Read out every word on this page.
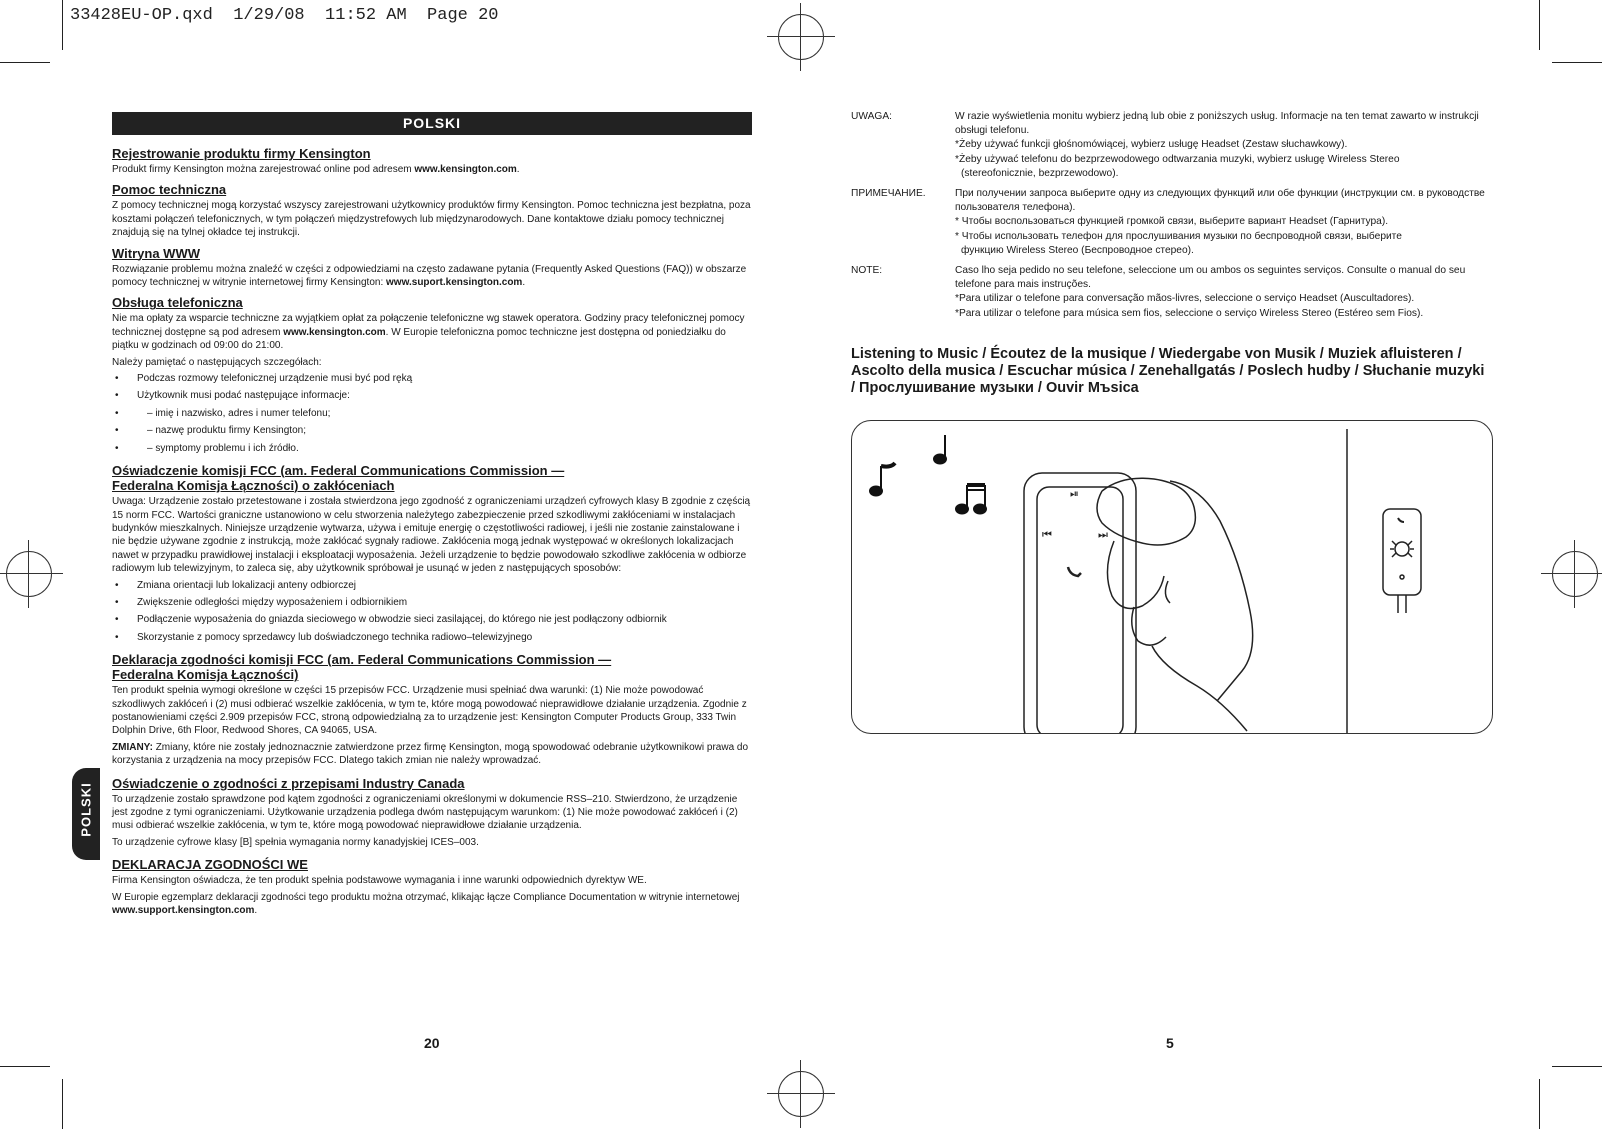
33428EU-OP.qxd  1/29/08  11:52 AM  Page 20
POLSKI
Rejestrowanie produktu firmy Kensington
Produkt firmy Kensington można zarejestrować online pod adresem www.kensington.com.
Pomoc techniczna
Z pomocy technicznej mogą korzystać wszyscy zarejestrowani użytkownicy produktów firmy Kensington. Pomoc techniczna jest bezpłatna, poza kosztami połączeń telefonicznych, w tym połączeń międzystrefowych lub międzynarodowych. Dane kontaktowe działu pomocy technicznej znajdują się na tylnej okładce tej instrukcji.
Witryna WWW
Rozwiązanie problemu można znaleźć w części z odpowiedziami na często zadawane pytania (Frequently Asked Questions (FAQ)) w obszarze pomocy technicznej w witrynie internetowej firmy Kensington: www.suport.kensington.com.
Obsługa telefoniczna
Nie ma opłaty za wsparcie techniczne za wyjątkiem opłat za połączenie telefoniczne wg stawek operatora. Godziny pracy telefonicznej pomocy technicznej dostępne są pod adresem www.kensington.com. W Europie telefoniczna pomoc techniczne jest dostępna od poniedziałku do piątku w godzinach od 09:00 do 21:00.
Należy pamiętać o następujących szczegółach:
• Podczas rozmowy telefonicznej urządzenie musi być pod ręką
• Użytkownik musi podać następujące informacje:
• – imię i nazwisko, adres i numer telefonu;
• – nazwę produktu firmy Kensington;
• – symptomy problemu i ich źródło.
Oświadczenie komisji FCC (am. Federal Communications Commission —
Federalna Komisja Łączności) o zakłóceniach
Uwaga: Urządzenie zostało przetestowane i została stwierdzona jego zgodność z ograniczeniami urządzeń cyfrowych klasy B zgodnie z częścią 15 norm FCC. Wartości graniczne ustanowiono w celu stworzenia należytego zabezpieczenie przed szkodliwymi zakłóceniami w instalacjach budynków mieszkalnych. Niniejsze urządzenie wytwarza, używa i emituje energię o częstotliwości radiowej, i jeśli nie zostanie zainstalowane i nie będzie używane zgodnie z instrukcją, może zakłócać sygnały radiowe. Zakłócenia mogą jednak występować w określonych lokalizacjach nawet w przypadku prawidłowej instalacji i eksploatacji wyposażenia. Jeżeli urządzenie to będzie powodowało szkodliwe zakłócenia w odbiorze radiowym lub telewizyjnym, to zaleca się, aby użytkownik spróbował je usunąć w jeden z następujących sposobów:
• Zmiana orientacji lub lokalizacji anteny odbiorczej
• Zwiększenie odległości między wyposażeniem i odbiornikiem
• Podłączenie wyposażenia do gniazda sieciowego w obwodzie sieci zasilającej, do którego nie jest podłączony odbiornik
• Skorzystanie z pomocy sprzedawcy lub doświadczonego technika radiowo–telewizyjnego
Deklaracja zgodności komisji FCC (am. Federal Communications Commission —
Federalna Komisja Łączności)
Ten produkt spełnia wymogi określone w części 15 przepisów FCC. Urządzenie musi spełniać dwa warunki: (1) Nie może powodować szkodliwych zakłóceń i (2) musi odbierać wszelkie zakłócenia, w tym te, które mogą powodować nieprawidłowe działanie urządzenia. Zgodnie z postanowieniami części 2.909 przepisów FCC, stroną odpowiedzialną za to urządzenie jest: Kensington Computer Products Group, 333 Twin Dolphin Drive, 6th Floor, Redwood Shores, CA 94065, USA.
ZMIANY: Zmiany, które nie zostały jednoznacznie zatwierdzone przez firmę Kensington, mogą spowodować odebranie użytkownikowi prawa do korzystania z urządzenia na mocy przepisów FCC. Dlatego takich zmian nie należy wprowadzać.
Oświadczenie o zgodności z przepisami Industry Canada
To urządzenie zostało sprawdzone pod kątem zgodności z ograniczeniami określonymi w dokumencie RSS–210. Stwierdzono, że urządzenie jest zgodne z tymi ograniczeniami. Użytkowanie urządzenia podlega dwóm następującym warunkom: (1) Nie może powodować zakłóceń i (2) musi odbierać wszelkie zakłócenia, w tym te, które mogą powodować nieprawidłowe działanie urządzenia.
To urządzenie cyfrowe klasy [B] spełnia wymagania normy kanadyjskiej ICES–003.
DEKLARACJA ZGODNOŚCI WE
Firma Kensington oświadcza, że ten produkt spełnia podstawowe wymagania i inne warunki odpowiednich dyrektyw WE.
W Europie egzemplarz deklaracji zgodności tego produktu można otrzymać, klikając łącze Compliance Documentation w witrynie internetowej www.support.kensington.com.
POLSKI
20
UWAGA:	W razie wyświetlenia monitu wybierz jedną lub obie z poniższych usług. Informacje na ten temat zawarto w instrukcji obsługi telefonu.
*Żeby używać funkcji głośnomówiącej, wybierz usługę Headset (Zestaw słuchawkowy).
*Żeby używać telefonu do bezprzewodowego odtwarzania muzyki, wybierz usługę Wireless Stereo
(stereofonicznie, bezprzewodowo).
ПРИМЕЧАНИЕ.	При получении запроса выберите одну из следующих функций или обе функции (инструкции см. в руководстве пользователя телефона).
* Чтобы воспользоваться функцией громкой связи, выберите вариант Headset (Гарнитура).
* Чтобы использовать телефон для прослушивания музыки по беспроводной связи, выберите
функцию Wireless Stereo (Беспроводное стерео).
NOTE:	Caso lho seja pedido no seu telefone, seleccione um ou ambos os seguintes serviços. Consulte o manual do seu telefone para mais instruções.
*Para utilizar o telefone para conversação mãos-livres, seleccione o serviço Headset (Auscultadores).
*Para utilizar o telefone para música sem fios, seleccione o serviço Wireless Stereo (Estéreo sem Fios).
Listening to Music / Écoutez de la musique / Wiedergabe von Musik / Muziek afluisteren / Ascolto della musica / Escuchar música / Zenehallgatás / Poslech hudby / Słuchanie muzyki / Прослушивание музыки / Ouvir Mъsica
⏯
⏮	⏭
5
